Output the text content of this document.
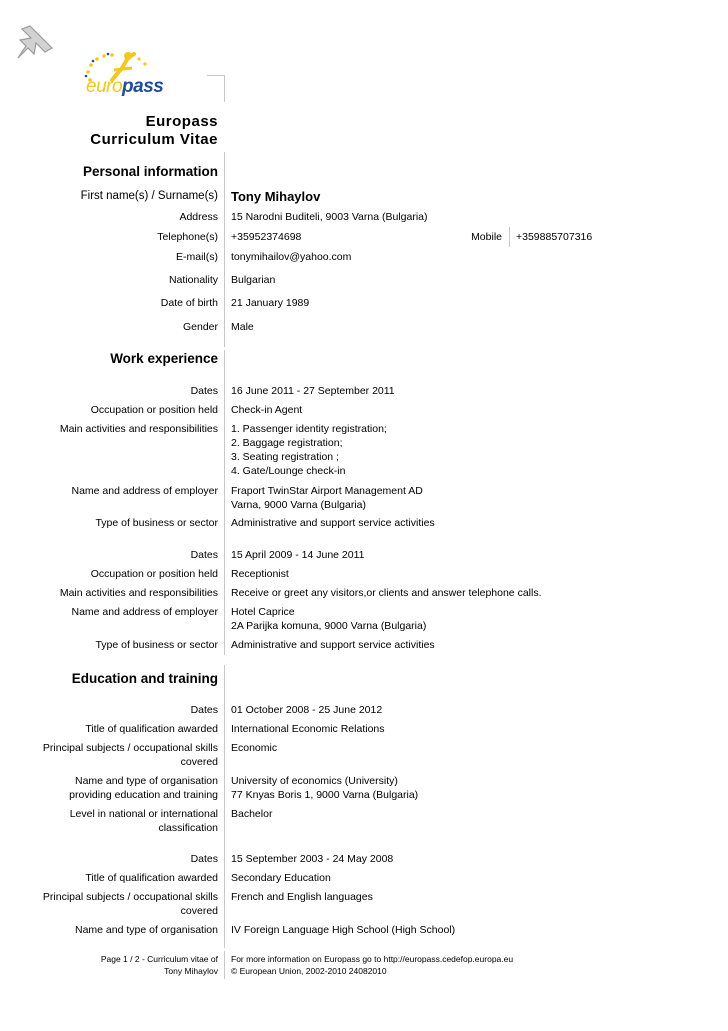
europass
Europass
Curriculum Vitae
Personal information
First name(s) / Surname(s) Tony Mihaylov
Address 15 Narodni Buditeli, 9003 Varna (Bulgaria)
Telephone(s) +35952374698	Mobile +359885707316
E-mail(s) tonymihailov@yahoo.com
Nationality Bulgarian
Date of birth 21 January 1989
Gender Male
Work experience
Dates 16 June 2011 - 27 September 2011
Occupation or position held Check-in Agent
Main activities and responsibilities 1. Passenger identity registration;
2. Baggage registration;
3. Seating registration ;
4. Gate/Lounge check-in
Name and address of employer Fraport TwinStar Airport Management AD
Varna, 9000 Varna (Bulgaria)
Type of business or sector Administrative and support service activities
Dates 15 April 2009 - 14 June 2011
Occupation or position held Receptionist
Main activities and responsibilities Receive or greet any visitors,or clients and answer telephone calls.
Name and address of employer Hotel Caprice
2A Parijka komuna, 9000 Varna (Bulgaria)
Type of business or sector Administrative and support service activities
Education and training
Dates 01 October 2008 - 25 June 2012
Title of qualification awarded International Economic Relations
Principal subjects / occupational skills
covered
Economic
Name and type of organisation
providing education and training
University of economics (University)
77 Knyas Boris 1, 9000 Varna (Bulgaria)
Level in national or international
classification
Bachelor
Dates 15 September 2003 - 24 May 2008
Title of qualification awarded Secondary Education
Principal subjects / occupational skills
covered
French and English languages
Name and type of organisation IV Foreign Language High School (High School)
Page 1 / 2 - Curriculum vitae of
Tony Mihaylov
For more information on Europass go to http://europass.cedefop.europa.eu
© European Union, 2002-2010 24082010
